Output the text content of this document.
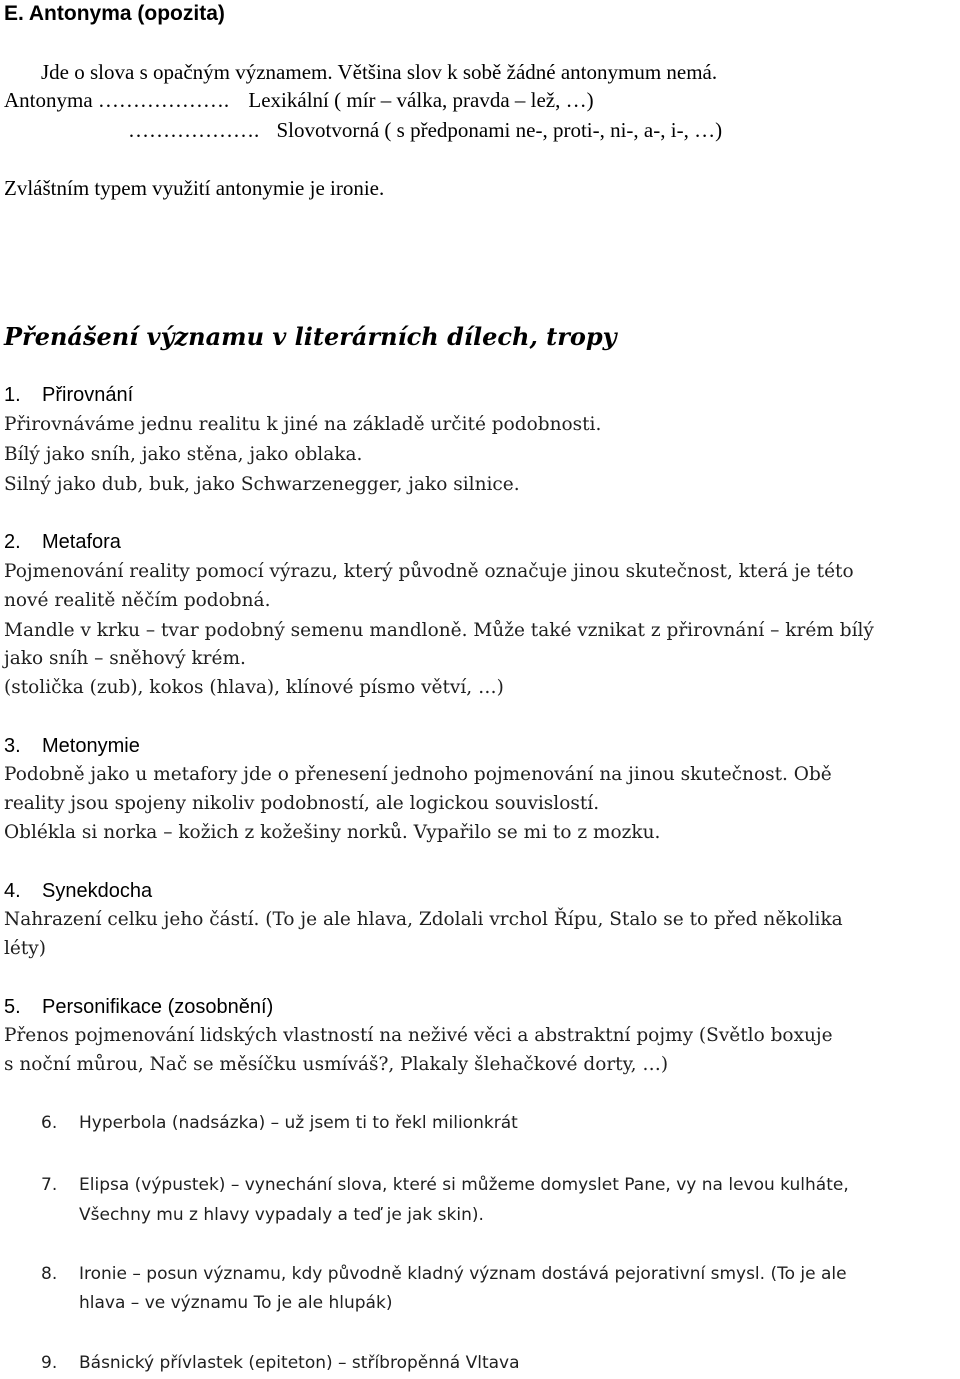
E. Antonyma (opozita)
Jde o slova s opačným významem. Většina slov k sobě žádné antonymum nemá.
Antonyma ………………. Lexikální ( mír – válka, pravda – lež, …)
………………. Slovotvorná ( s předponami ne-, proti-, ni-, a-, i-, …)
Zvláštním typem využití antonymie je ironie.
Přenášení významu v literárních dílech, tropy
1. Přirovnání
Přirovnáváme jednu realitu k jiné na základě určité podobnosti.
Bílý jako sníh, jako stěna, jako oblaka.
Silný jako dub, buk, jako Schwarzenegger, jako silnice.
2. Metafora
Pojmenování reality pomocí výrazu, který původně označuje jinou skutečnost, která je této
nové realitě něčím podobná.
Mandle v krku – tvar podobný semenu mandloně. Může také vznikat z přirovnání – krém bílý
jako sníh – sněhový krém.
(stolička (zub), kokos (hlava), klínové písmo větví, …)
3. Metonymie
Podobně jako u metafory jde o přenesení jednoho pojmenování na jinou skutečnost. Obě
reality jsou spojeny nikoliv podobností, ale logickou souvislostí.
Oblékla si norka – kožich z kožešiny norků. Vypařilo se mi to z mozku.
4. Synekdocha
Nahrazení celku jeho částí. (To je ale hlava, Zdolali vrchol Řípu, Stalo se to před několika
léty)
5. Personifikace (zosobnění)
Přenos pojmenování lidských vlastností na neživé věci a abstraktní pojmy (Světlo boxuje
s noční můrou, Nač se měsíčku usmíváš?, Plakaly šlehačkové dorty, …)
6. Hyperbola (nadsázka) – už jsem ti to řekl milionkrát
7. Elipsa (výpustek) – vynechání slova, které si můžeme domyslet Pane, vy na levou kulháte,
Všechny mu z hlavy vypadaly a teď je jak skin).
8. Ironie – posun významu, kdy původně kladný význam dostává pejorativní smysl. (To je ale
hlava – ve významu To je ale hlupák)
9. Básnický přívlastek (epiteton) – stříbropěnná Vltava
